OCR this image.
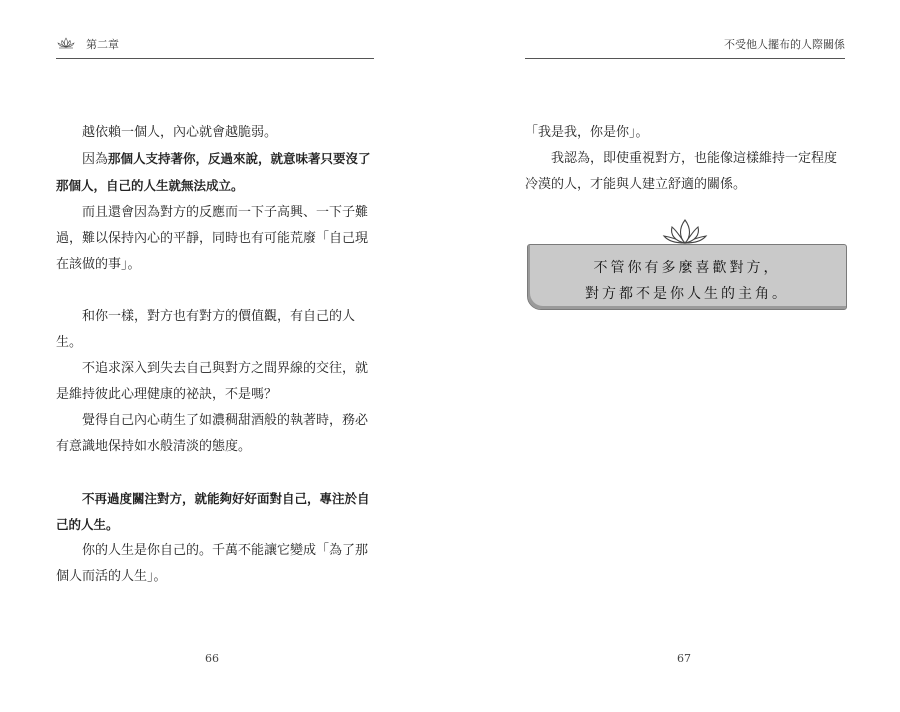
第二章

越依賴一個人，內心就會越脆弱。

因為那個人支持著你，反過來說，就意味著只要沒了那個人，自己的人生就無法成立。

而且還會因為對方的反應而一下子高興、一下子難過，難以保持內心的平靜，同時也有可能荒廢「自己現在該做的事」。

和你一樣，對方也有對方的價值觀，有自己的人生。

不追求深入到失去自己與對方之間界線的交往，就是維持彼此心理健康的祕訣，不是嗎？

覺得自己內心萌生了如濃稠甜酒般的執著時，務必有意識地保持如水般清淡的態度。

不再過度關注對方，就能夠好好面對自己，專注於自己的人生。

你的人生是你自己的。千萬不能讓它變成「為了那個人而活的人生」。

66
不受他人擺布的人際關係

「我是我，你是你」。

我認為，即使重視對方，也能像這樣維持一定程度冷漠的人，才能與人建立舒適的關係。

不管你有多麼喜歡對方，
對方都不是你人生的主角。
67
